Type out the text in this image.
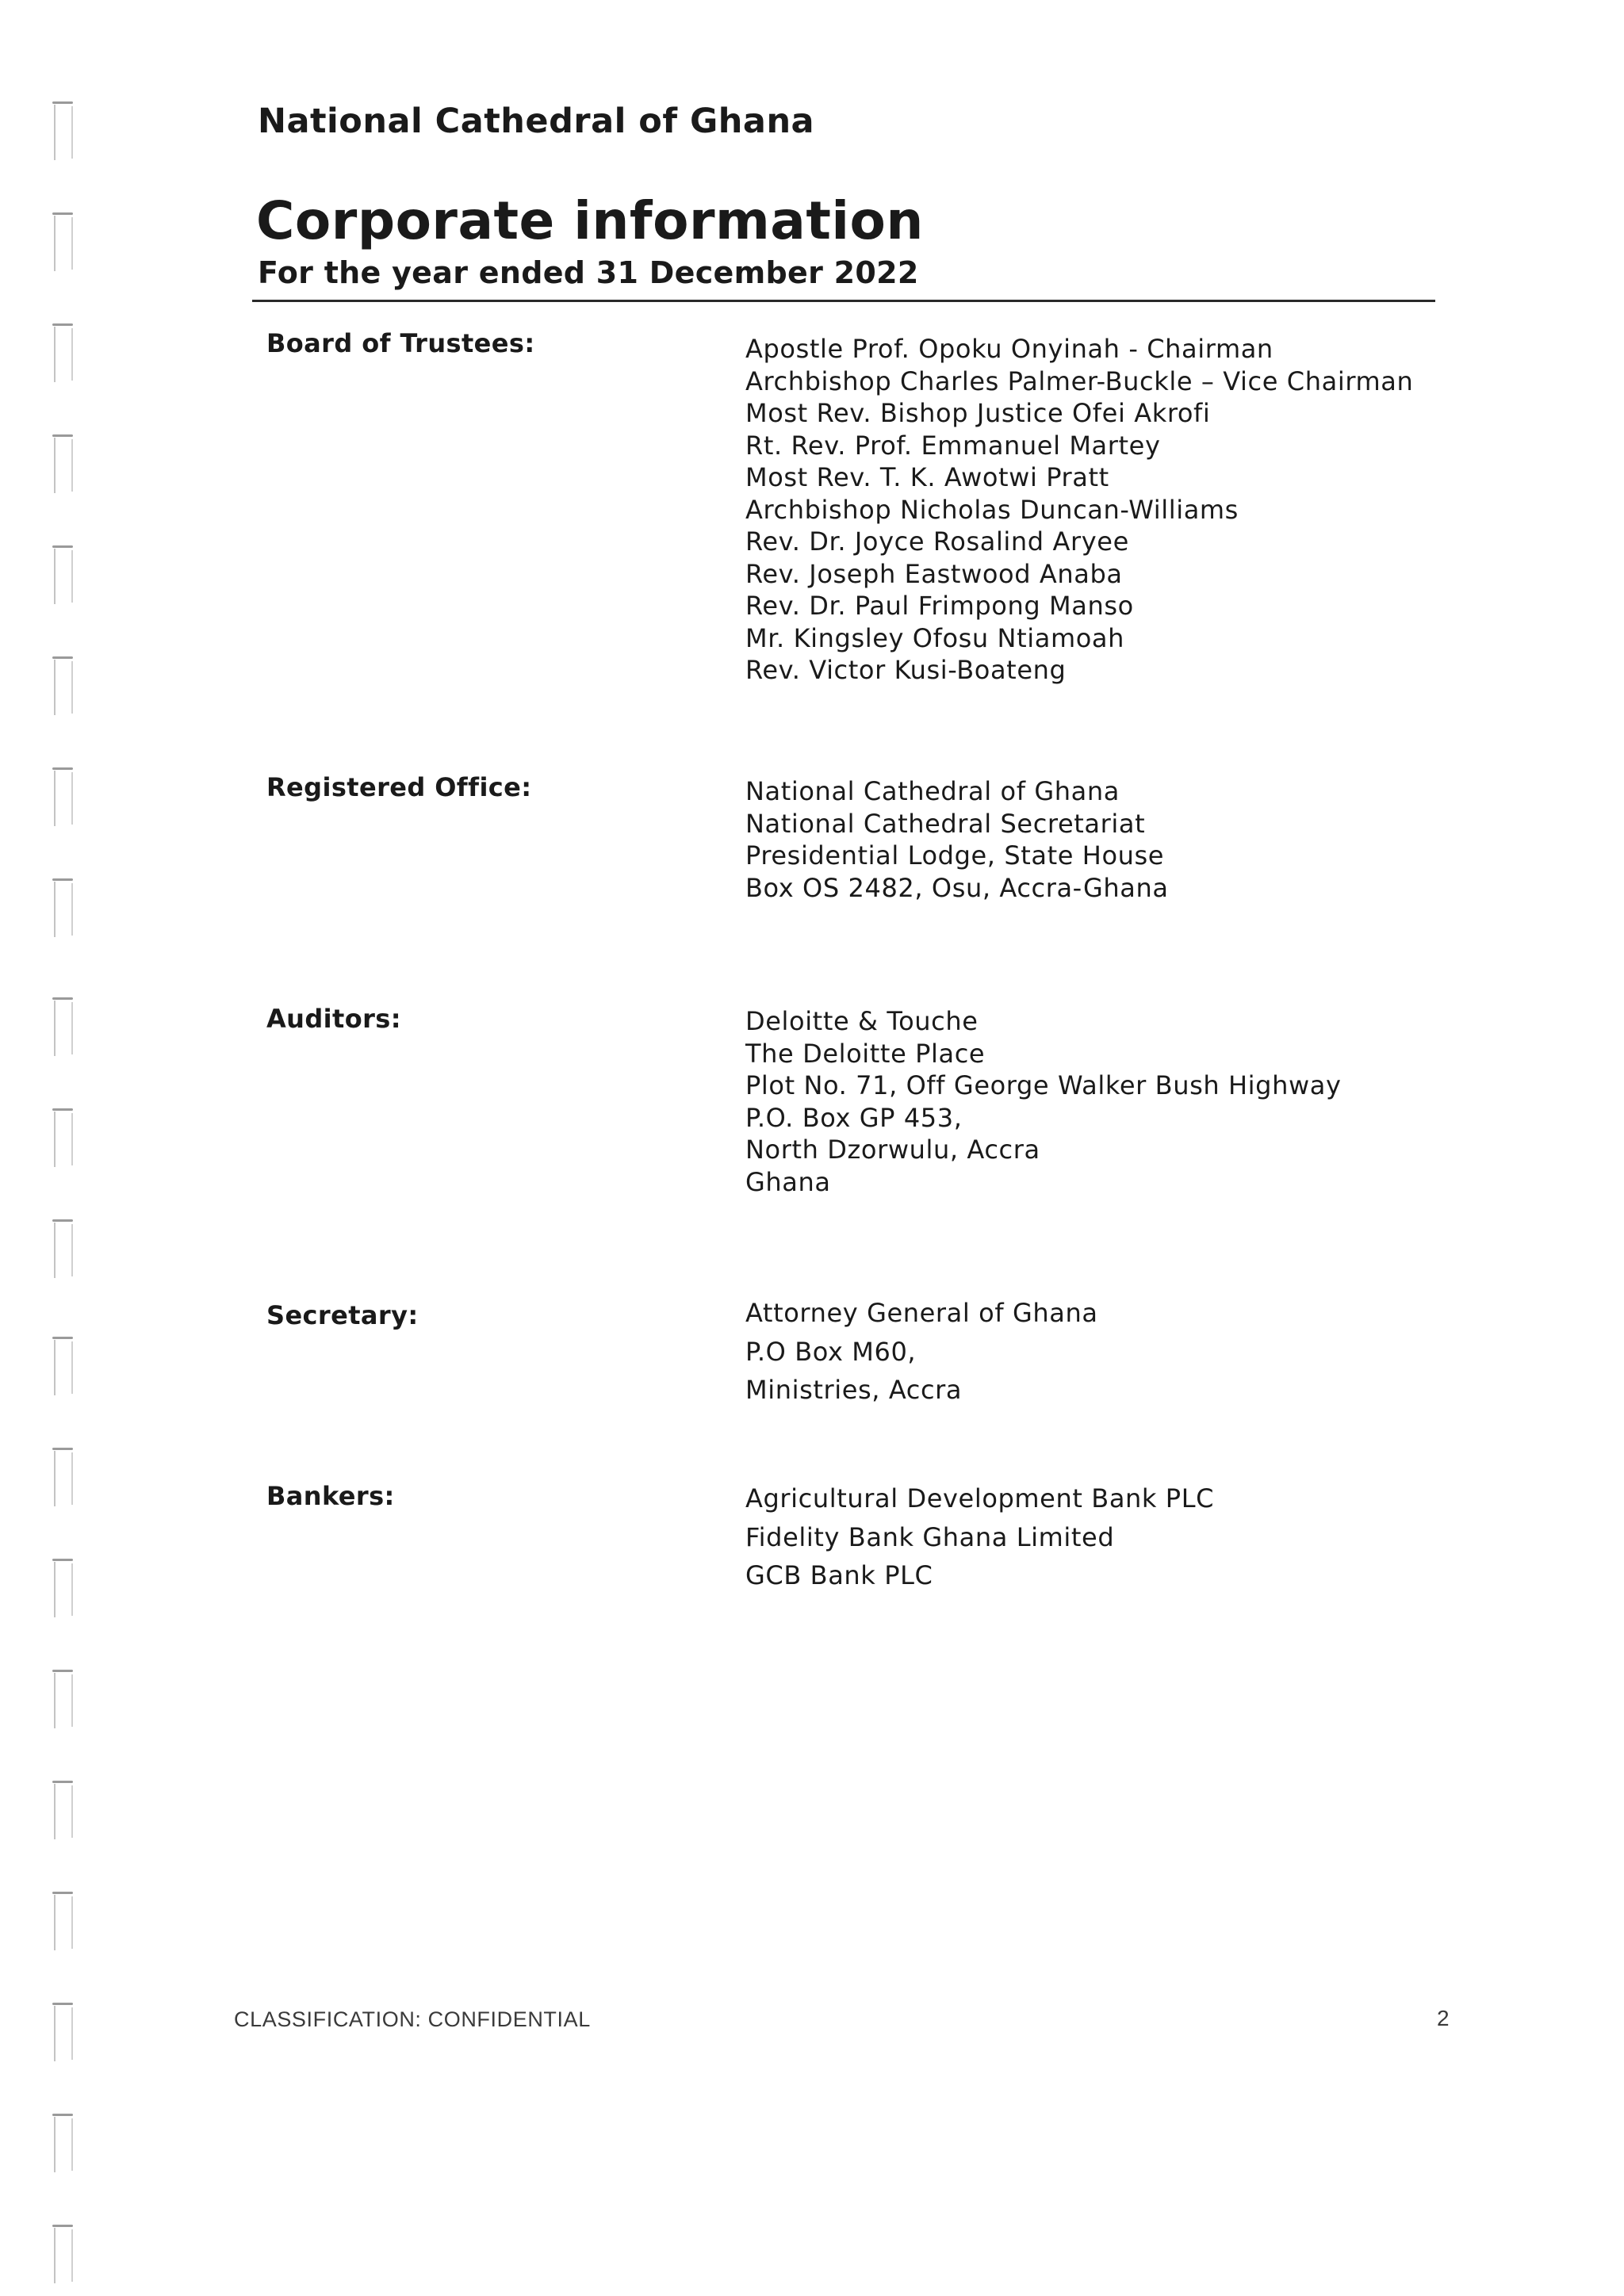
National Cathedral of Ghana
Corporate information
For the year ended 31 December 2022
Board of Trustees:	Apostle Prof. Opoku Onyinah - Chairman
Archbishop Charles Palmer-Buckle – Vice Chairman
Most Rev. Bishop Justice Ofei Akrofi
Rt. Rev. Prof. Emmanuel Martey
Most Rev. T. K. Awotwi Pratt
Archbishop Nicholas Duncan-Williams
Rev. Dr. Joyce Rosalind Aryee
Rev. Joseph Eastwood Anaba
Rev. Dr. Paul Frimpong Manso
Mr. Kingsley Ofosu Ntiamoah
Rev. Victor Kusi-Boateng
Registered Office:	National Cathedral of Ghana
National Cathedral Secretariat
Presidential Lodge, State House
Box OS 2482, Osu, Accra-Ghana
Auditors:	Deloitte & Touche
The Deloitte Place
Plot No. 71, Off George Walker Bush Highway
P.O. Box GP 453,
North Dzorwulu, Accra
Ghana
Secretary:	Attorney General of Ghana
P.O Box M60,
Ministries, Accra
Bankers:	Agricultural Development Bank PLC
Fidelity Bank Ghana Limited
GCB Bank PLC
CLASSIFICATION: CONFIDENTIAL	2
